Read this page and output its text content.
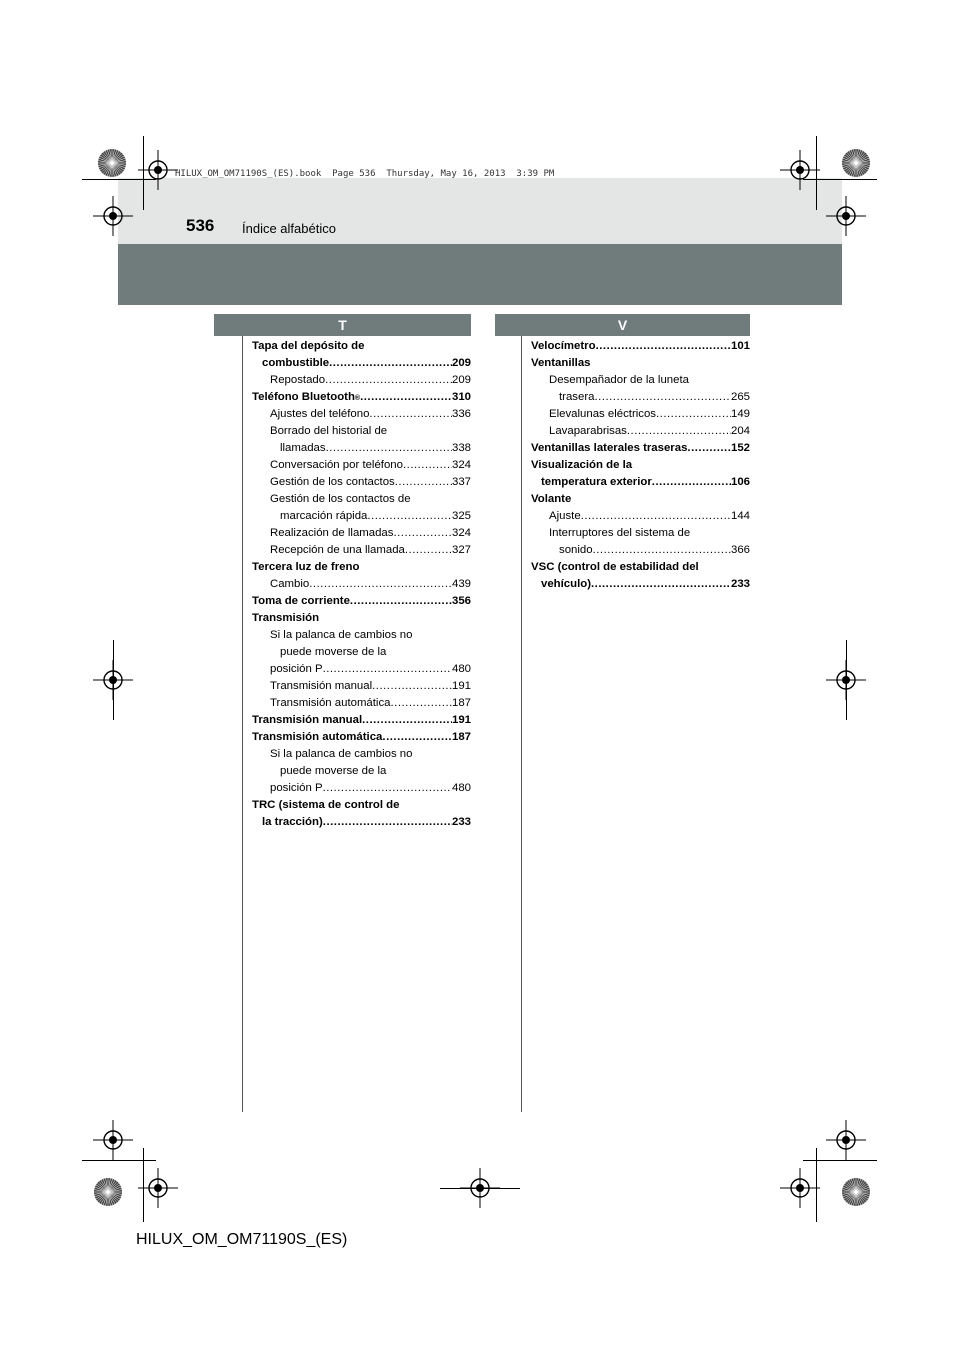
HILUX_OM_OM71190S_(ES).book  Page 536  Thursday, May 16, 2013  3:39 PM
536 Índice alfabético
T	V
Tapa del depósito de
combustible .....	209
Repostado .....	209
Teléfono Bluetooth ® .....	310
Ajustes del teléfono .....	336
Borrado del historial de
llamadas .....	338
Conversación por teléfono .....	324
Gestión de los contactos .....	337
Gestión de los contactos de
marcación rápida .....	325
Realización de llamadas .....	324
Recepción de una llamada .....	327
Tercera luz de freno
Cambio .....	439
Toma de corriente .....	356
Transmisión
Si la palanca de cambios no
puede moverse de la
posición P .....	480
Transmisión manual .....	191
Transmisión automática .....	187
Transmisión manual .....	191
Transmisión automática .....	187
Si la palanca de cambios no
puede moverse de la
posición P .....	480
TRC (sistema de control de
la tracción) .....	233
Velocímetro .....	101
Ventanillas
Desempañador de la luneta
trasera .....	265
Elevalunas eléctricos .....	149
Lavaparabrisas .....	204
Ventanillas laterales traseras .....	152
Visualización de la
temperatura exterior .....	106
Volante
Ajuste .....	144
Interruptores del sistema de
sonido .....	366
VSC (control de estabilidad del
vehículo) .....	233
HILUX_OM_OM71190S_(ES)
